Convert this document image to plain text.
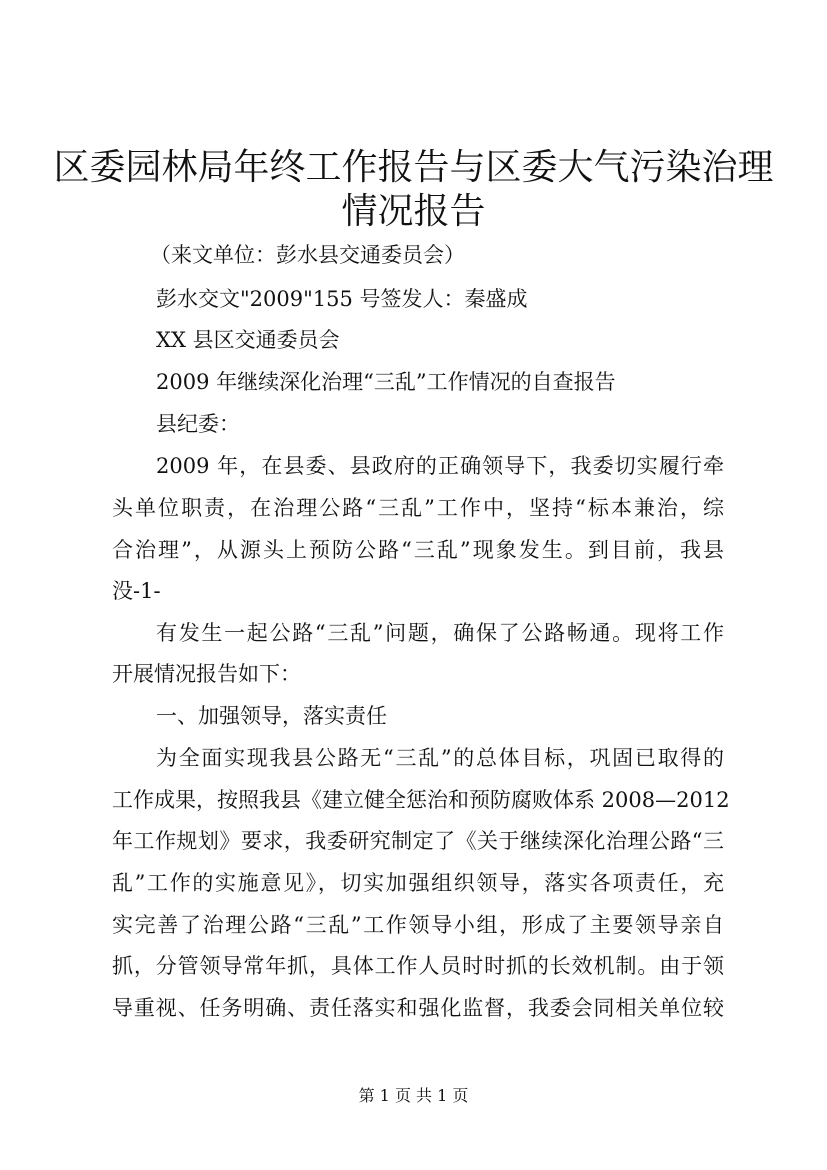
区委园林局年终工作报告与区委大气污染治理
情况报告
（来文单位：彭水县交通委员会）
彭水交文"2009"155 号签发人：秦盛成
XX 县区交通委员会
2009 年继续深化治理“三乱”工作情况的自查报告
县纪委：
2009 年，在县委、县政府的正确领导下，我委切实履行牵
头单位职责，在治理公路“三乱”工作中，坚持“标本兼治，综
合治理”，从源头上预防公路“三乱”现象发生。到目前，我县
没-1-
有发生一起公路“三乱”问题，确保了公路畅通。现将工作
开展情况报告如下：
一、加强领导，落实责任
为全面实现我县公路无“三乱”的总体目标，巩固已取得的
工作成果，按照我县《建立健全惩治和预防腐败体系 2008—2012
年工作规划》要求，我委研究制定了《关于继续深化治理公路“三
乱”工作的实施意见》，切实加强组织领导，落实各项责任，充
实完善了治理公路“三乱”工作领导小组，形成了主要领导亲自
抓，分管领导常年抓，具体工作人员时时抓的长效机制。由于领
导重视、任务明确、责任落实和强化监督，我委会同相关单位较
第 1 页 共 1 页
